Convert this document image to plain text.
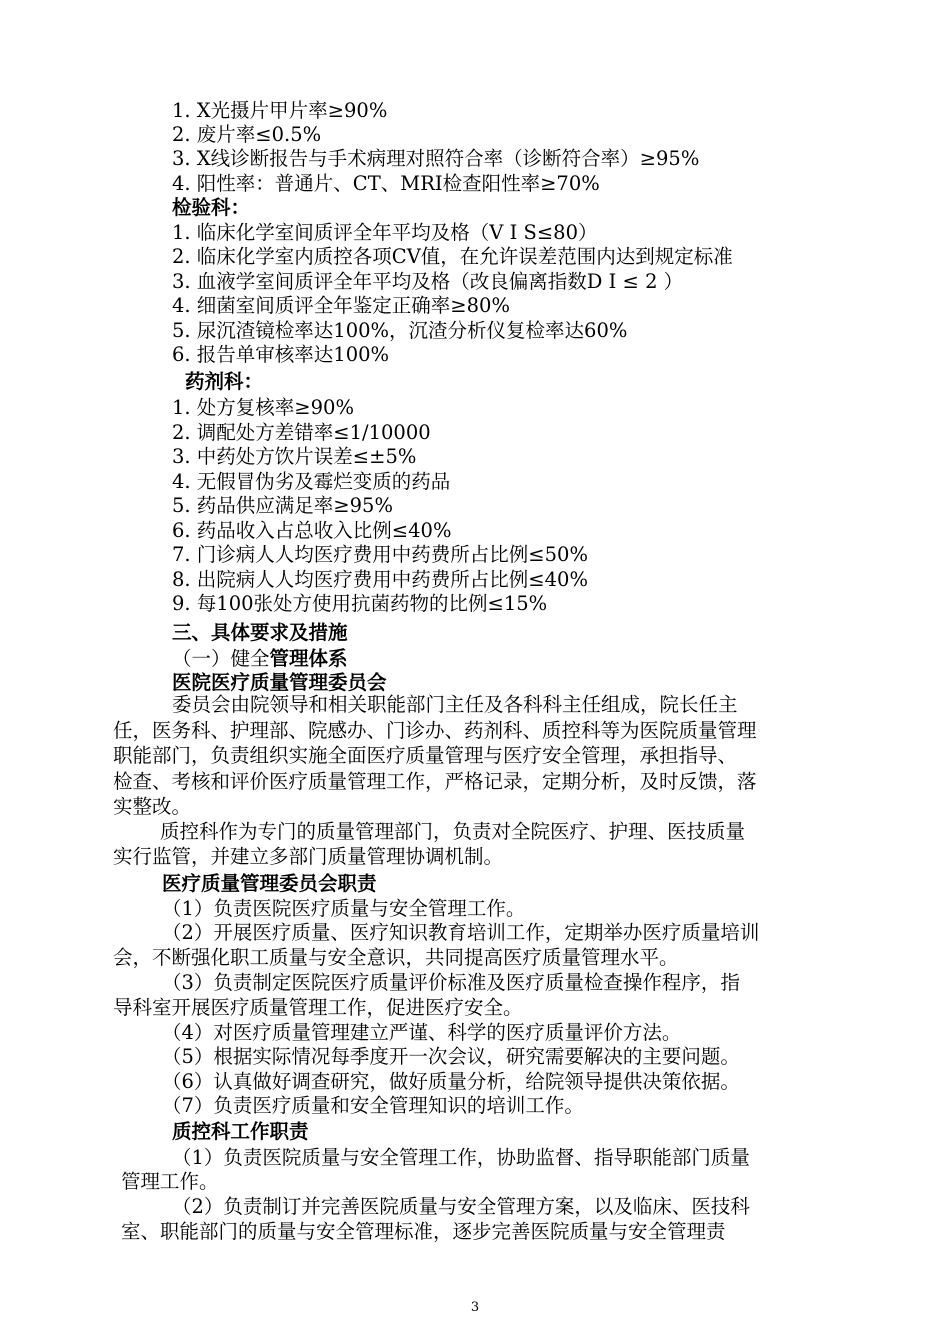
1. X光摄片甲片率≥90%
2. 废片率≤0.5%
3. X线诊断报告与手术病理对照符合率（诊断符合率）≥95%
4. 阳性率：普通片、CT、MRI检查阳性率≥70%
检验科：
1. 临床化学室间质评全年平均及格（V I S≤80）
2. 临床化学室内质控各项CV值，在允许误差范围内达到规定标准
3. 血液学室间质评全年平均及格（改良偏离指数D I ≤ 2 ）
4. 细菌室间质评全年鉴定正确率≥80%
5. 尿沉渣镜检率达100%，沉渣分析仪复检率达60%
6. 报告单审核率达100%
药剂科：
1. 处方复核率≥90%
2. 调配处方差错率≤1/10000
3. 中药处方饮片误差≤±5%
4. 无假冒伪劣及霉烂变质的药品
5. 药品供应满足率≥95%
6. 药品收入占总收入比例≤40%
7. 门诊病人人均医疗费用中药费所占比例≤50%
8. 出院病人人均医疗费用中药费所占比例≤40%
9. 每100张处方使用抗菌药物的比例≤15%
三、具体要求及措施
（一）健全管理体系
医院医疗质量管理委员会
委员会由院领导和相关职能部门主任及各科科主任组成，院长任主
任，医务科、护理部、院感办、门诊办、药剂科、质控科等为医院质量管理
职能部门，负责组织实施全面医疗质量管理与医疗安全管理，承担指导、
检查、考核和评价医疗质量管理工作，严格记录，定期分析，及时反馈，落
实整改。
质控科作为专门的质量管理部门，负责对全院医疗、护理、医技质量
实行监管，并建立多部门质量管理协调机制。
医疗质量管理委员会职责
（1）负责医院医疗质量与安全管理工作。
（2）开展医疗质量、医疗知识教育培训工作，定期举办医疗质量培训
会，不断强化职工质量与安全意识，共同提高医疗质量管理水平。
（3）负责制定医院医疗质量评价标准及医疗质量检查操作程序，指
导科室开展医疗质量管理工作，促进医疗安全。
（4）对医疗质量管理建立严谨、科学的医疗质量评价方法。
（5）根据实际情况每季度开一次会议，研究需要解决的主要问题。
（6）认真做好调查研究，做好质量分析，给院领导提供决策依据。
（7）负责医疗质量和安全管理知识的培训工作。
质控科工作职责
（1）负责医院质量与安全管理工作，协助监督、指导职能部门质量
管理工作。
（2）负责制订并完善医院质量与安全管理方案，以及临床、医技科
室、职能部门的质量与安全管理标准，逐步完善医院质量与安全管理责
3
